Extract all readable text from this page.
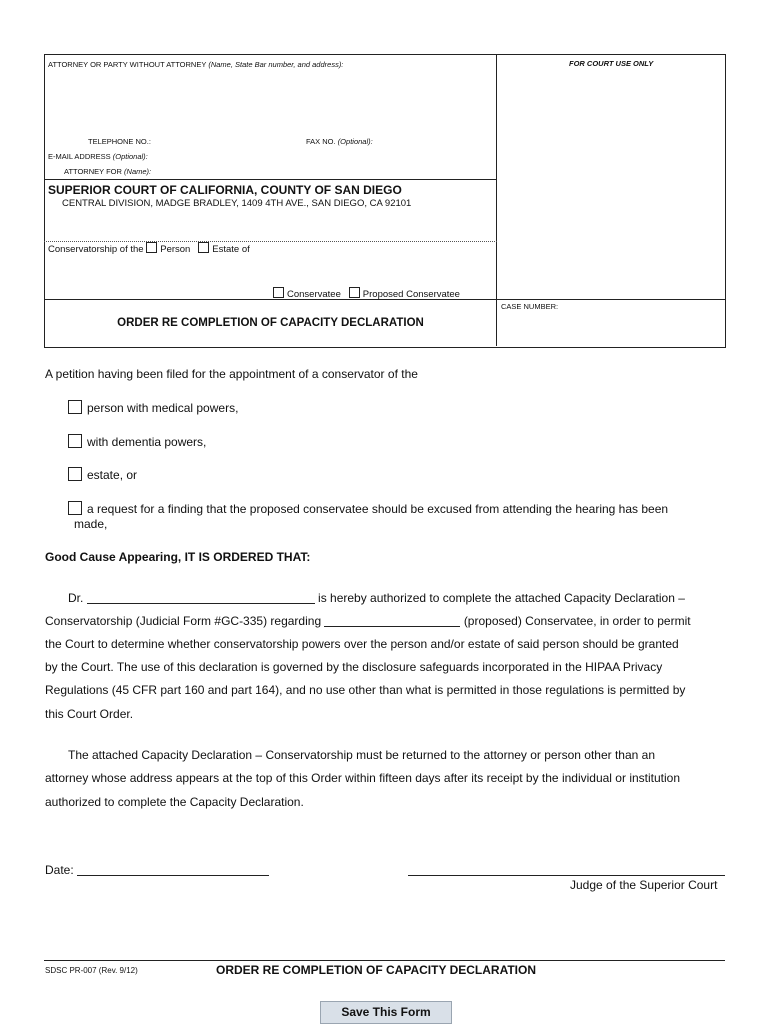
ATTORNEY OR PARTY WITHOUT ATTORNEY (Name, State Bar number, and address):	FOR COURT USE ONLY
TELEPHONE NO.:	FAX NO. (Optional):
E-MAIL ADDRESS (Optional):
ATTORNEY FOR (Name):
SUPERIOR COURT OF CALIFORNIA, COUNTY OF SAN DIEGO
CENTRAL DIVISION, MADGE BRADLEY, 1409 4TH AVE., SAN DIEGO, CA 92101
Conservatorship of the Person Estate of
Conservatee Proposed Conservatee
ORDER RE COMPLETION OF CAPACITY DECLARATION
CASE NUMBER:
A petition having been filed for the appointment of a conservator of the
person with medical powers,
with dementia powers,
estate, or
a request for a finding that the proposed conservatee should be excused from attending the hearing has been
made,
Good Cause Appearing, IT IS ORDERED THAT:
Dr.	is hereby authorized to complete the attached Capacity Declaration –
Conservatorship (Judicial Form #GC-335) regarding	(proposed) Conservatee, in order to permit
the Court to determine whether conservatorship powers over the person and/or estate of said person should be granted
by the Court. The use of this declaration is governed by the disclosure safeguards incorporated in the HIPAA Privacy
Regulations (45 CFR part 160 and part 164), and no use other than what is permitted in those regulations is permitted by
this Court Order.
The attached Capacity Declaration – Conservatorship must be returned to the attorney or person other than an
attorney whose address appears at the top of this Order within fifteen days after its receipt by the individual or institution
authorized to complete the Capacity Declaration.
Date:
Judge of the Superior Court
SDSC PR-007 (Rev. 9/12)	ORDER RE COMPLETION OF CAPACITY DECLARATION
Save This Form
